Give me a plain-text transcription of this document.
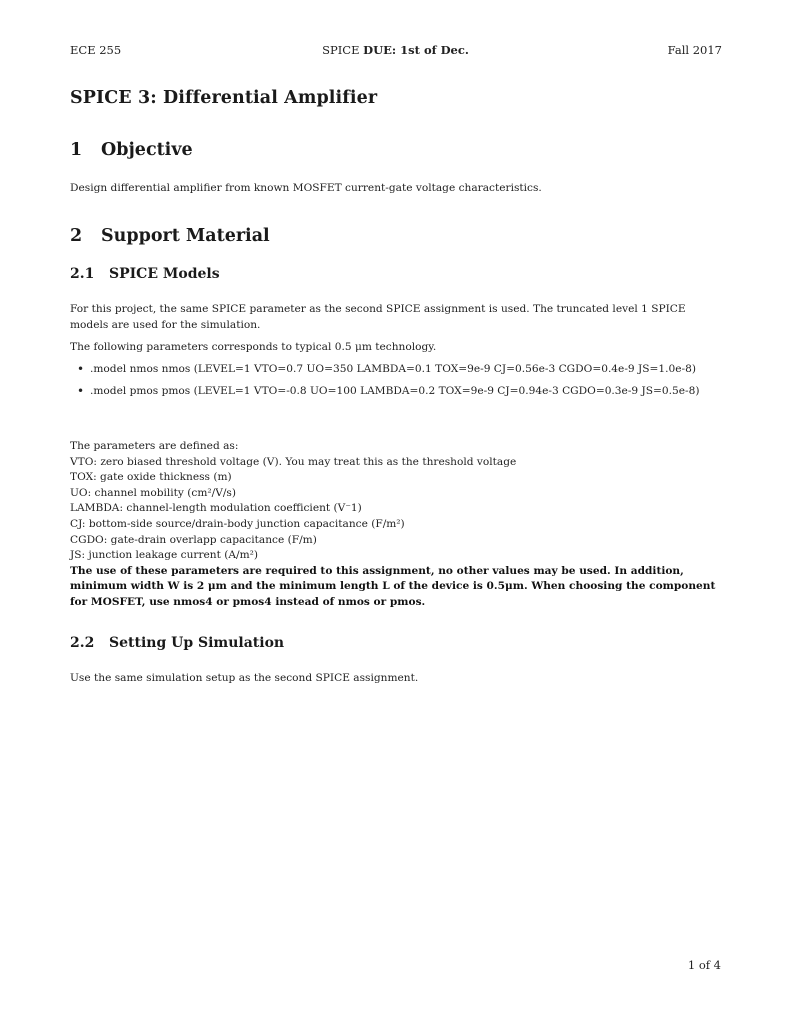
ECE 255	SPICE DUE: 1st of Dec.	Fall 2017
SPICE 3: Differential Amplifier
1 Objective
Design differential amplifier from known MOSFET current-gate voltage characteristics.
2 Support Material
2.1 SPICE Models
For this project, the same SPICE parameter as the second SPICE assignment is used. The truncated level 1 SPICE models are used for the simulation.
The following parameters corresponds to typical 0.5 μm technology.
• .model nmos nmos (LEVEL=1 VTO=0.7 UO=350 LAMBDA=0.1 TOX=9e-9 CJ=0.56e-3 CGDO=0.4e-9 JS=1.0e-8)
• .model pmos pmos (LEVEL=1 VTO=-0.8 UO=100 LAMBDA=0.2 TOX=9e-9 CJ=0.94e-3 CGDO=0.3e-9 JS=0.5e-8)
The parameters are defined as:
VTO: zero biased threshold voltage (V). You may treat this as the threshold voltage
TOX: gate oxide thickness (m)
UO: channel mobility (cm²/V/s)
LAMBDA: channel-length modulation coefficient (V⁻1)
CJ: bottom-side source/drain-body junction capacitance (F/m²)
CGDO: gate-drain overlapp capacitance (F/m)
JS: junction leakage current (A/m²)
The use of these parameters are required to this assignment, no other values may be used. In addition, minimum width W is 2 μm and the minimum length L of the device is 0.5μm. When choosing the component for MOSFET, use nmos4 or pmos4 instead of nmos or pmos.
2.2 Setting Up Simulation
Use the same simulation setup as the second SPICE assignment.
1 of 4
